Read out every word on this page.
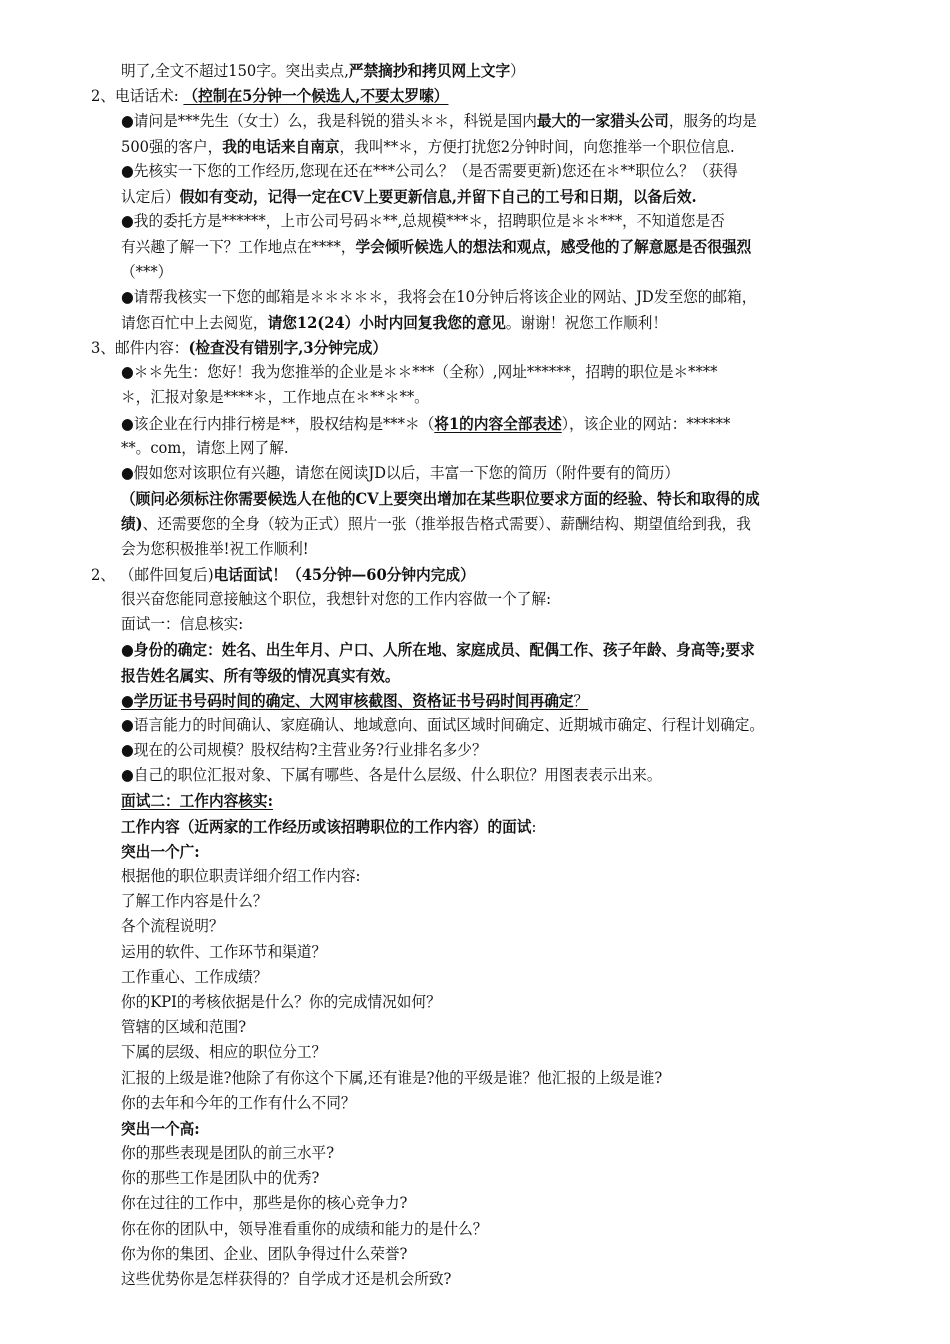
明了,全文不超过150字。突出卖点,严禁摘抄和拷贝网上文字）
2、电话话术: （控制在5分钟一个候选人,不要太罗嗦）
●请问是***先生（女士）么，我是科锐的猎头＊＊，科锐是国内最大的一家猎头公司，服务的均是
500强的客户，我的电话来自南京，我叫**＊，方便打扰您2分钟时间，向您推举一个职位信息.
●先核实一下您的工作经历,您现在还在***公司么？（是否需要更新)您还在＊**职位么？（获得
认定后）假如有变动，记得一定在CV上要更新信息,并留下自己的工号和日期，以备后效.
●我的委托方是******，上市公司号码＊**,总规模***＊，招聘职位是＊＊***，不知道您是否
有兴趣了解一下？工作地点在****，学会倾听候选人的想法和观点，感受他的了解意愿是否很强烈
（***）
●请帮我核实一下您的邮箱是＊＊＊＊＊，我将会在10分钟后将该企业的网站、JD发至您的邮箱，
请您百忙中上去阅览，请您12(24）小时内回复我您的意见。谢谢！祝您工作顺利！
3、邮件内容：(检查没有错别字,3分钟完成）
●＊＊先生：您好！我为您推举的企业是＊＊***（全称）,网址******，招聘的职位是＊****
＊，汇报对象是****＊，工作地点在＊**＊**。
●该企业在行内排行榜是**，股权结构是***＊（将1的内容全部表述），该企业的网站：******
**。com，请您上网了解.
●假如您对该职位有兴趣，请您在阅读JD以后，丰富一下您的简历（附件要有的简历）
（顾问必须标注你需要候选人在他的CV上要突出增加在某些职位要求方面的经验、特长和取得的成
绩)、还需要您的全身（较为正式）照片一张（推举报告格式需要）、薪酬结构、期望值给到我，我
会为您积极推举!祝工作顺利!
2、 （邮件回复后)电话面试！（45分钟—60分钟内完成）
很兴奋您能同意接触这个职位，我想针对您的工作内容做一个了解:
面试一：信息核实:
●身份的确定：姓名、出生年月、户口、人所在地、家庭成员、配偶工作、孩子年龄、身高等;要求
报告姓名属实、所有等级的情况真实有效。
●学历证书号码时间的确定、大网审核截图、资格证书号码时间再确定？
●语言能力的时间确认、家庭确认、地域意向、面试区域时间确定、近期城市确定、行程计划确定。
●现在的公司规模？股权结构?主营业务?行业排名多少？
●自己的职位汇报对象、下属有哪些、各是什么层级、什么职位？用图表表示出来。
面试二：工作内容核实:
工作内容（近两家的工作经历或该招聘职位的工作内容）的面试:
突出一个广:
根据他的职位职责详细介绍工作内容:
了解工作内容是什么？
各个流程说明？
运用的软件、工作环节和渠道？
工作重心、工作成绩？
你的KPI的考核依据是什么？你的完成情况如何？
管辖的区域和范围?
下属的层级、相应的职位分工？
汇报的上级是谁?他除了有你这个下属,还有谁是?他的平级是谁？他汇报的上级是谁?
你的去年和今年的工作有什么不同？
突出一个高:
你的那些表现是团队的前三水平?
你的那些工作是团队中的优秀?
你在过往的工作中，那些是你的核心竞争力?
你在你的团队中，领导准看重你的成绩和能力的是什么？
你为你的集团、企业、团队争得过什么荣誉?
这些优势你是怎样获得的？自学成才还是机会所致?
